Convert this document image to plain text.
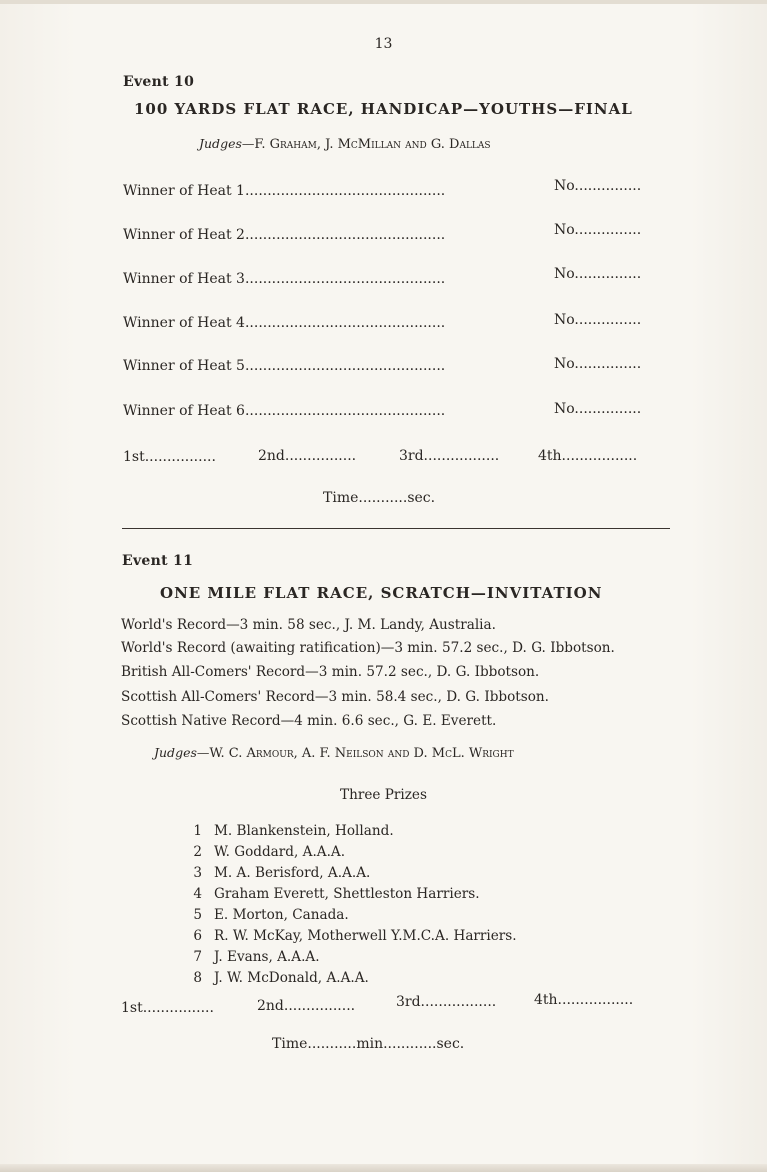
13
Event 10
100 YARDS FLAT RACE, HANDICAP—YOUTHS—FINAL
Judges—F. Graham, J. McMillan and G. Dallas
Winner of Heat 1.............................................	No...............
Winner of Heat 2.............................................	No...............
Winner of Heat 3.............................................	No...............
Winner of Heat 4.............................................	No...............
Winner of Heat 5.............................................	No...............
Winner of Heat 6.............................................	No...............
1st................	2nd................	3rd.................	4th.................
Time...........sec.
Event 11
ONE MILE FLAT RACE, SCRATCH—INVITATION
World's Record—3 min. 58 sec., J. M. Landy, Australia.
World's Record (awaiting ratification)—3 min. 57.2 sec., D. G. Ibbotson.
British All-Comers' Record—3 min. 57.2 sec., D. G. Ibbotson.
Scottish All-Comers' Record—3 min. 58.4 sec., D. G. Ibbotson.
Scottish Native Record—4 min. 6.6 sec., G. E. Everett.
Judges—W. C. Armour, A. F. Neilson and D. McL. Wright
Three Prizes
1 M. Blankenstein, Holland.
2 W. Goddard, A.A.A.
3 M. A. Berisford, A.A.A.
4 Graham Everett, Shettleston Harriers.
5 E. Morton, Canada.
6 R. W. McKay, Motherwell Y.M.C.A. Harriers.
7 J. Evans, A.A.A.
8 J. W. McDonald, A.A.A.
1st................	2nd................	3rd.................	4th.................
Time...........min............sec.
